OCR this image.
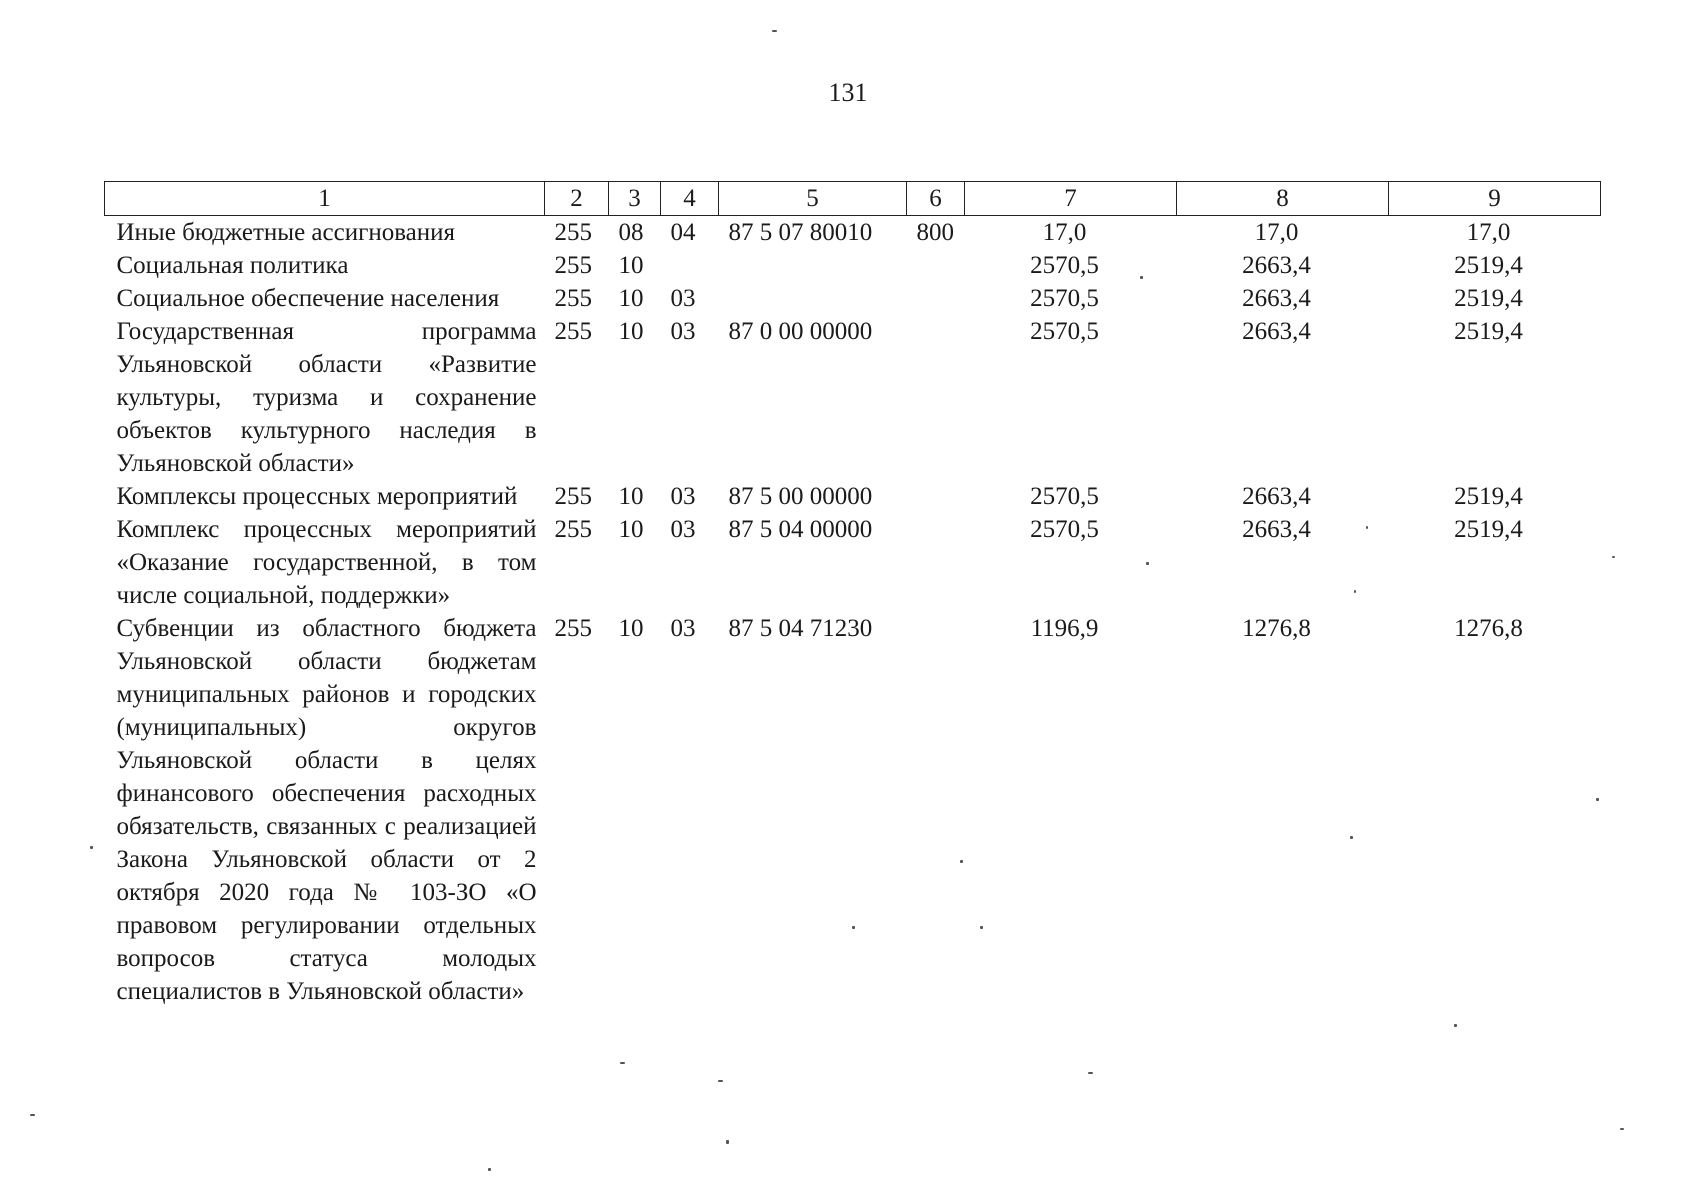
131
1	2	3	4	5	6	7	8	9
Иные бюджетные ассигнования	255	08	04	87 5 07 80010	800	17,0	17,0	17,0
Социальная политика	255	10				2570,5	2663,4	2519,4
Социальное обеспечение населения	255	10	03			2570,5	2663,4	2519,4
Государственная программа Ульяновской области «Развитие культуры, туризма и сохранение объектов культурного наследия в Ульяновской области»	255	10	03	87 0 00 00000		2570,5	2663,4	2519,4
Комплексы процессных мероприятий	255	10	03	87 5 00 00000		2570,5	2663,4	2519,4
Комплекс процессных мероприятий «Оказание государственной, в том числе социальной, поддержки»	255	10	03	87 5 04 00000		2570,5	2663,4	2519,4
Субвенции из областного бюджета Ульяновской области бюджетам муниципальных районов и городских (муниципальных) округов Ульяновской области в целях финансового обеспечения расходных обязательств, связанных с реализацией Закона Ульяновской области от 2 октября 2020 года № 103-ЗО «О правовом регулировании отдельных вопросов статуса молодых специалистов в Ульяновской области»	255	10	03	87 5 04 71230		1196,9	1276,8	1276,8
